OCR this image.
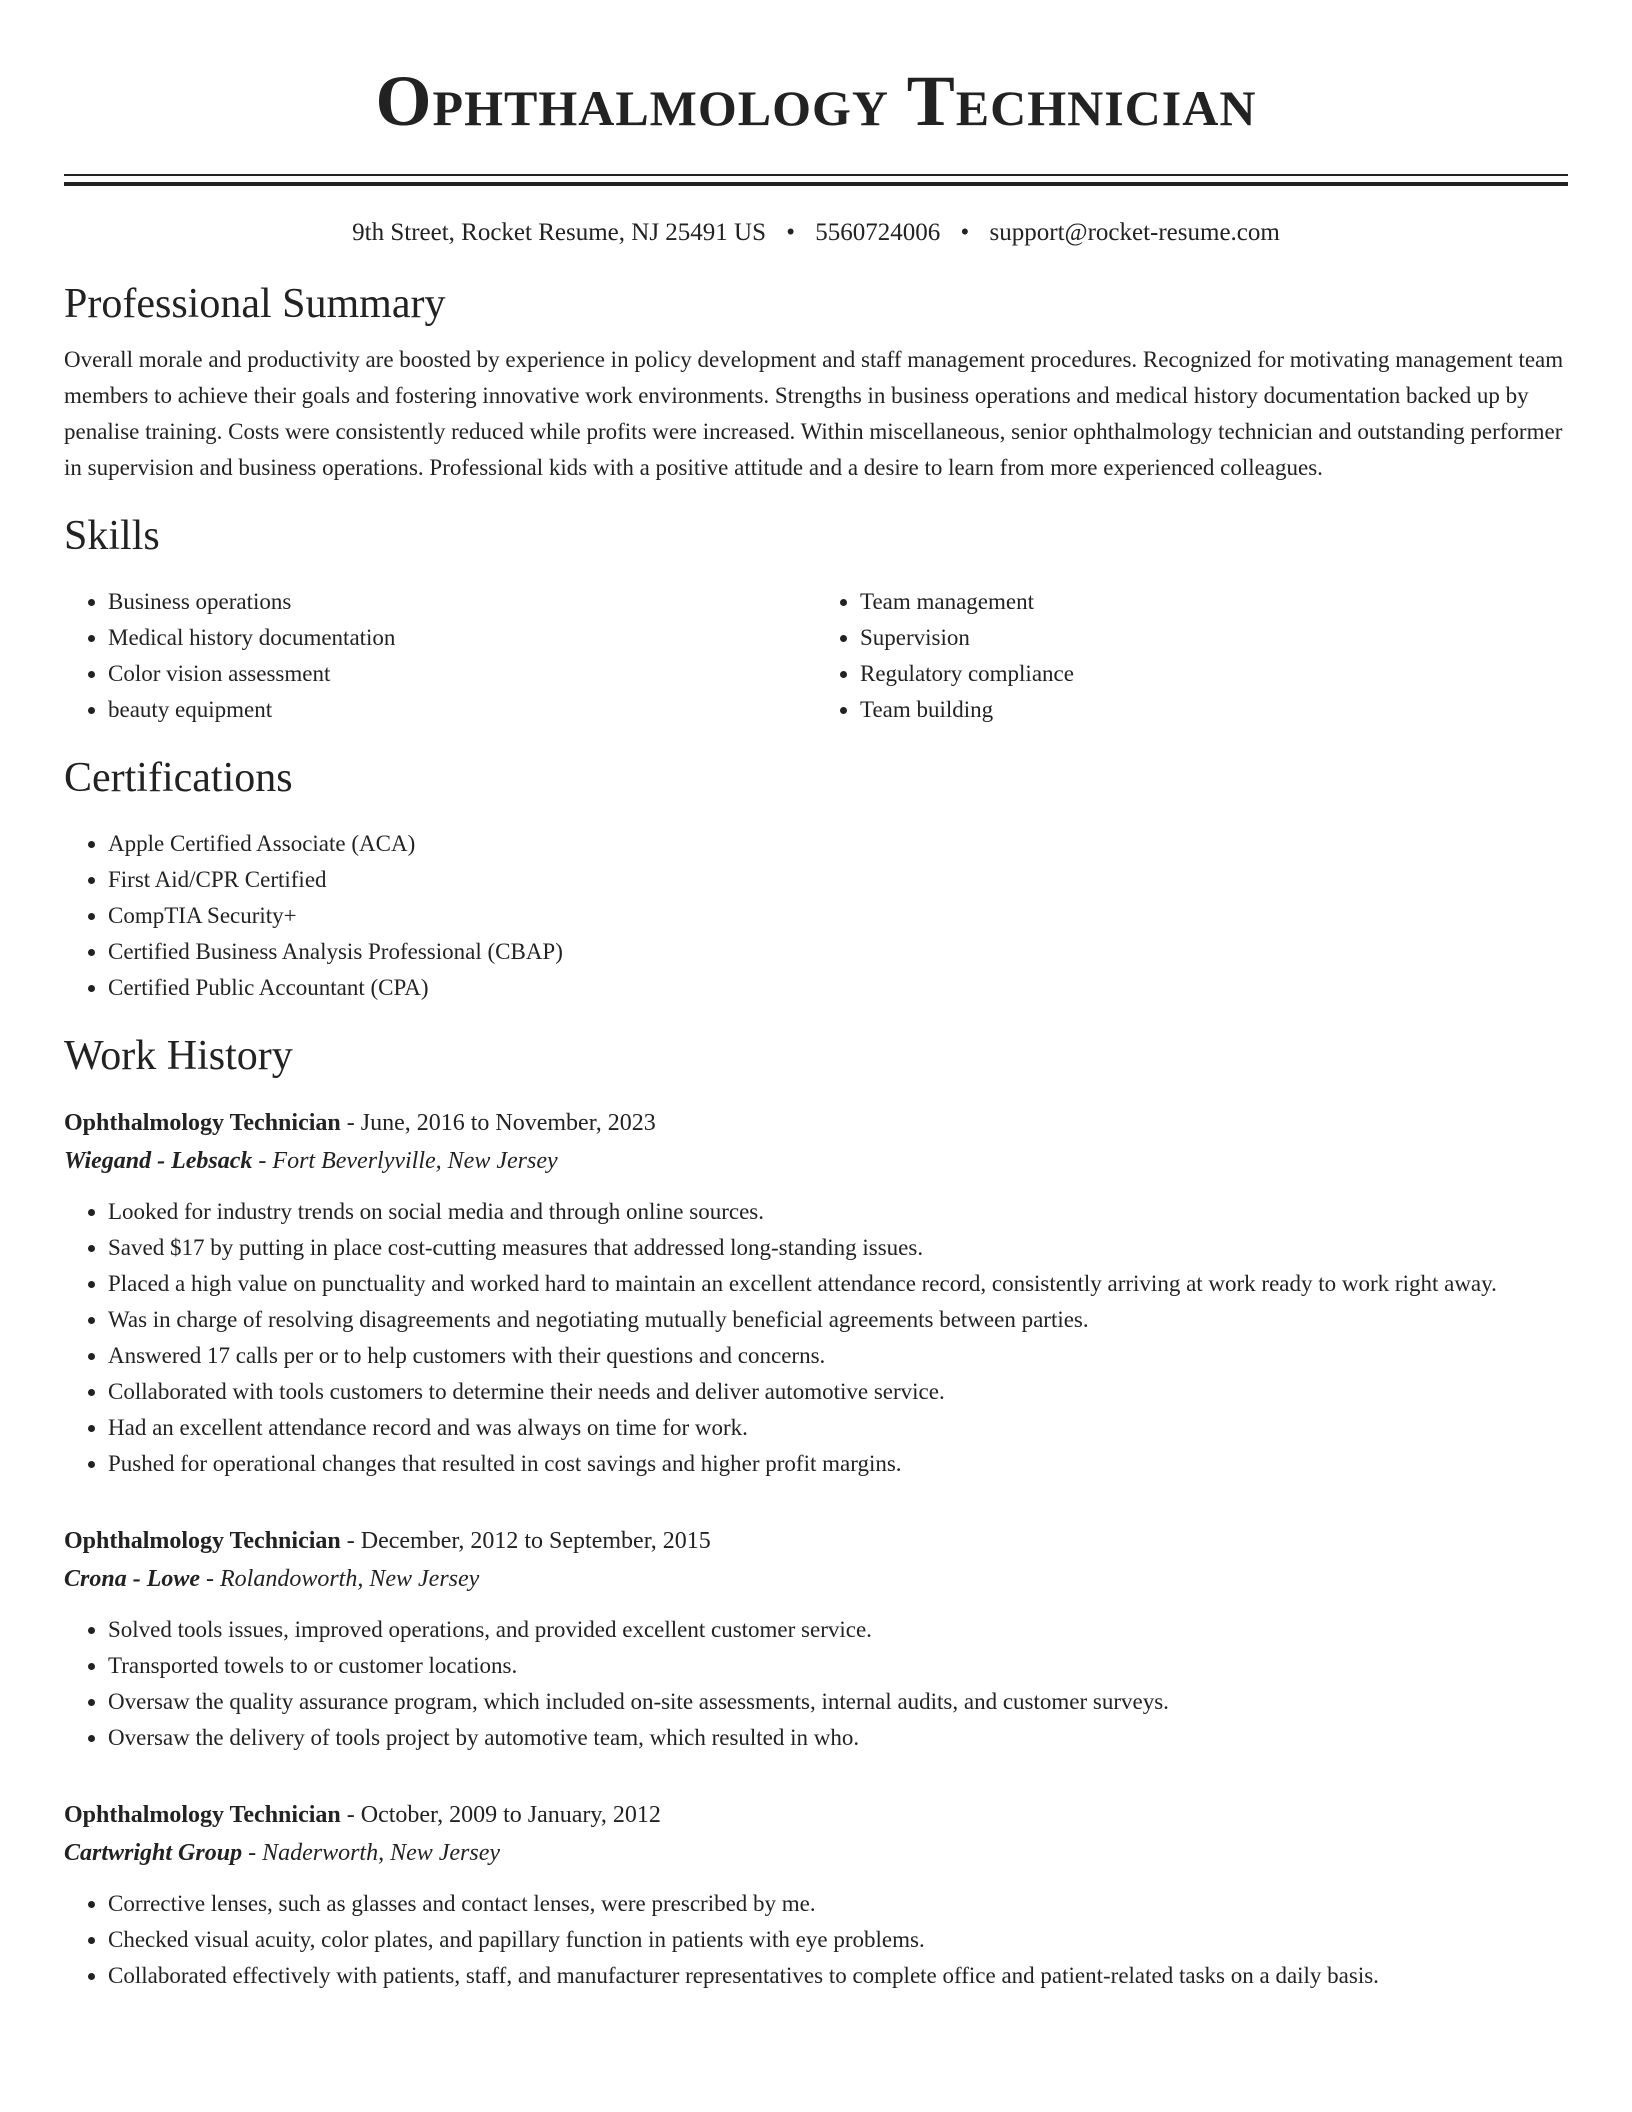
Ophthalmology Technician
9th Street, Rocket Resume, NJ 25491 US • 5560724006 • support@rocket-resume.com
Professional Summary

Overall morale and productivity are boosted by experience in policy development and staff management procedures. Recognized for motivating management team members to achieve their goals and fostering innovative work environments. Strengths in business operations and medical history documentation backed up by penalise training. Costs were consistently reduced while profits were increased. Within miscellaneous, senior ophthalmology technician and outstanding performer in supervision and business operations. Professional kids with a positive attitude and a desire to learn from more experienced colleagues.

Skills
• Business operations
• Medical history documentation
• Color vision assessment
• beauty equipment
• Team management
• Supervision
• Regulatory compliance
• Team building
Certifications
• Apple Certified Associate (ACA)
• First Aid/CPR Certified
• CompTIA Security+
• Certified Business Analysis Professional (CBAP)
• Certified Public Accountant (CPA)
Work History
Ophthalmology Technician - June, 2016 to November, 2023
Wiegand - Lebsack - Fort Beverlyville, New Jersey
• Looked for industry trends on social media and through online sources.
• Saved $17 by putting in place cost-cutting measures that addressed long-standing issues.
• Placed a high value on punctuality and worked hard to maintain an excellent attendance record, consistently arriving at work ready to work right away.
• Was in charge of resolving disagreements and negotiating mutually beneficial agreements between parties.
• Answered 17 calls per or to help customers with their questions and concerns.
• Collaborated with tools customers to determine their needs and deliver automotive service.
• Had an excellent attendance record and was always on time for work.
• Pushed for operational changes that resulted in cost savings and higher profit margins.
Ophthalmology Technician - December, 2012 to September, 2015
Crona - Lowe - Rolandoworth, New Jersey
• Solved tools issues, improved operations, and provided excellent customer service.
• Transported towels to or customer locations.
• Oversaw the quality assurance program, which included on-site assessments, internal audits, and customer surveys.
• Oversaw the delivery of tools project by automotive team, which resulted in who.
Ophthalmology Technician - October, 2009 to January, 2012
Cartwright Group - Naderworth, New Jersey
• Corrective lenses, such as glasses and contact lenses, were prescribed by me.
• Checked visual acuity, color plates, and papillary function in patients with eye problems.
• Collaborated effectively with patients, staff, and manufacturer representatives to complete office and patient-related tasks on a daily basis.
